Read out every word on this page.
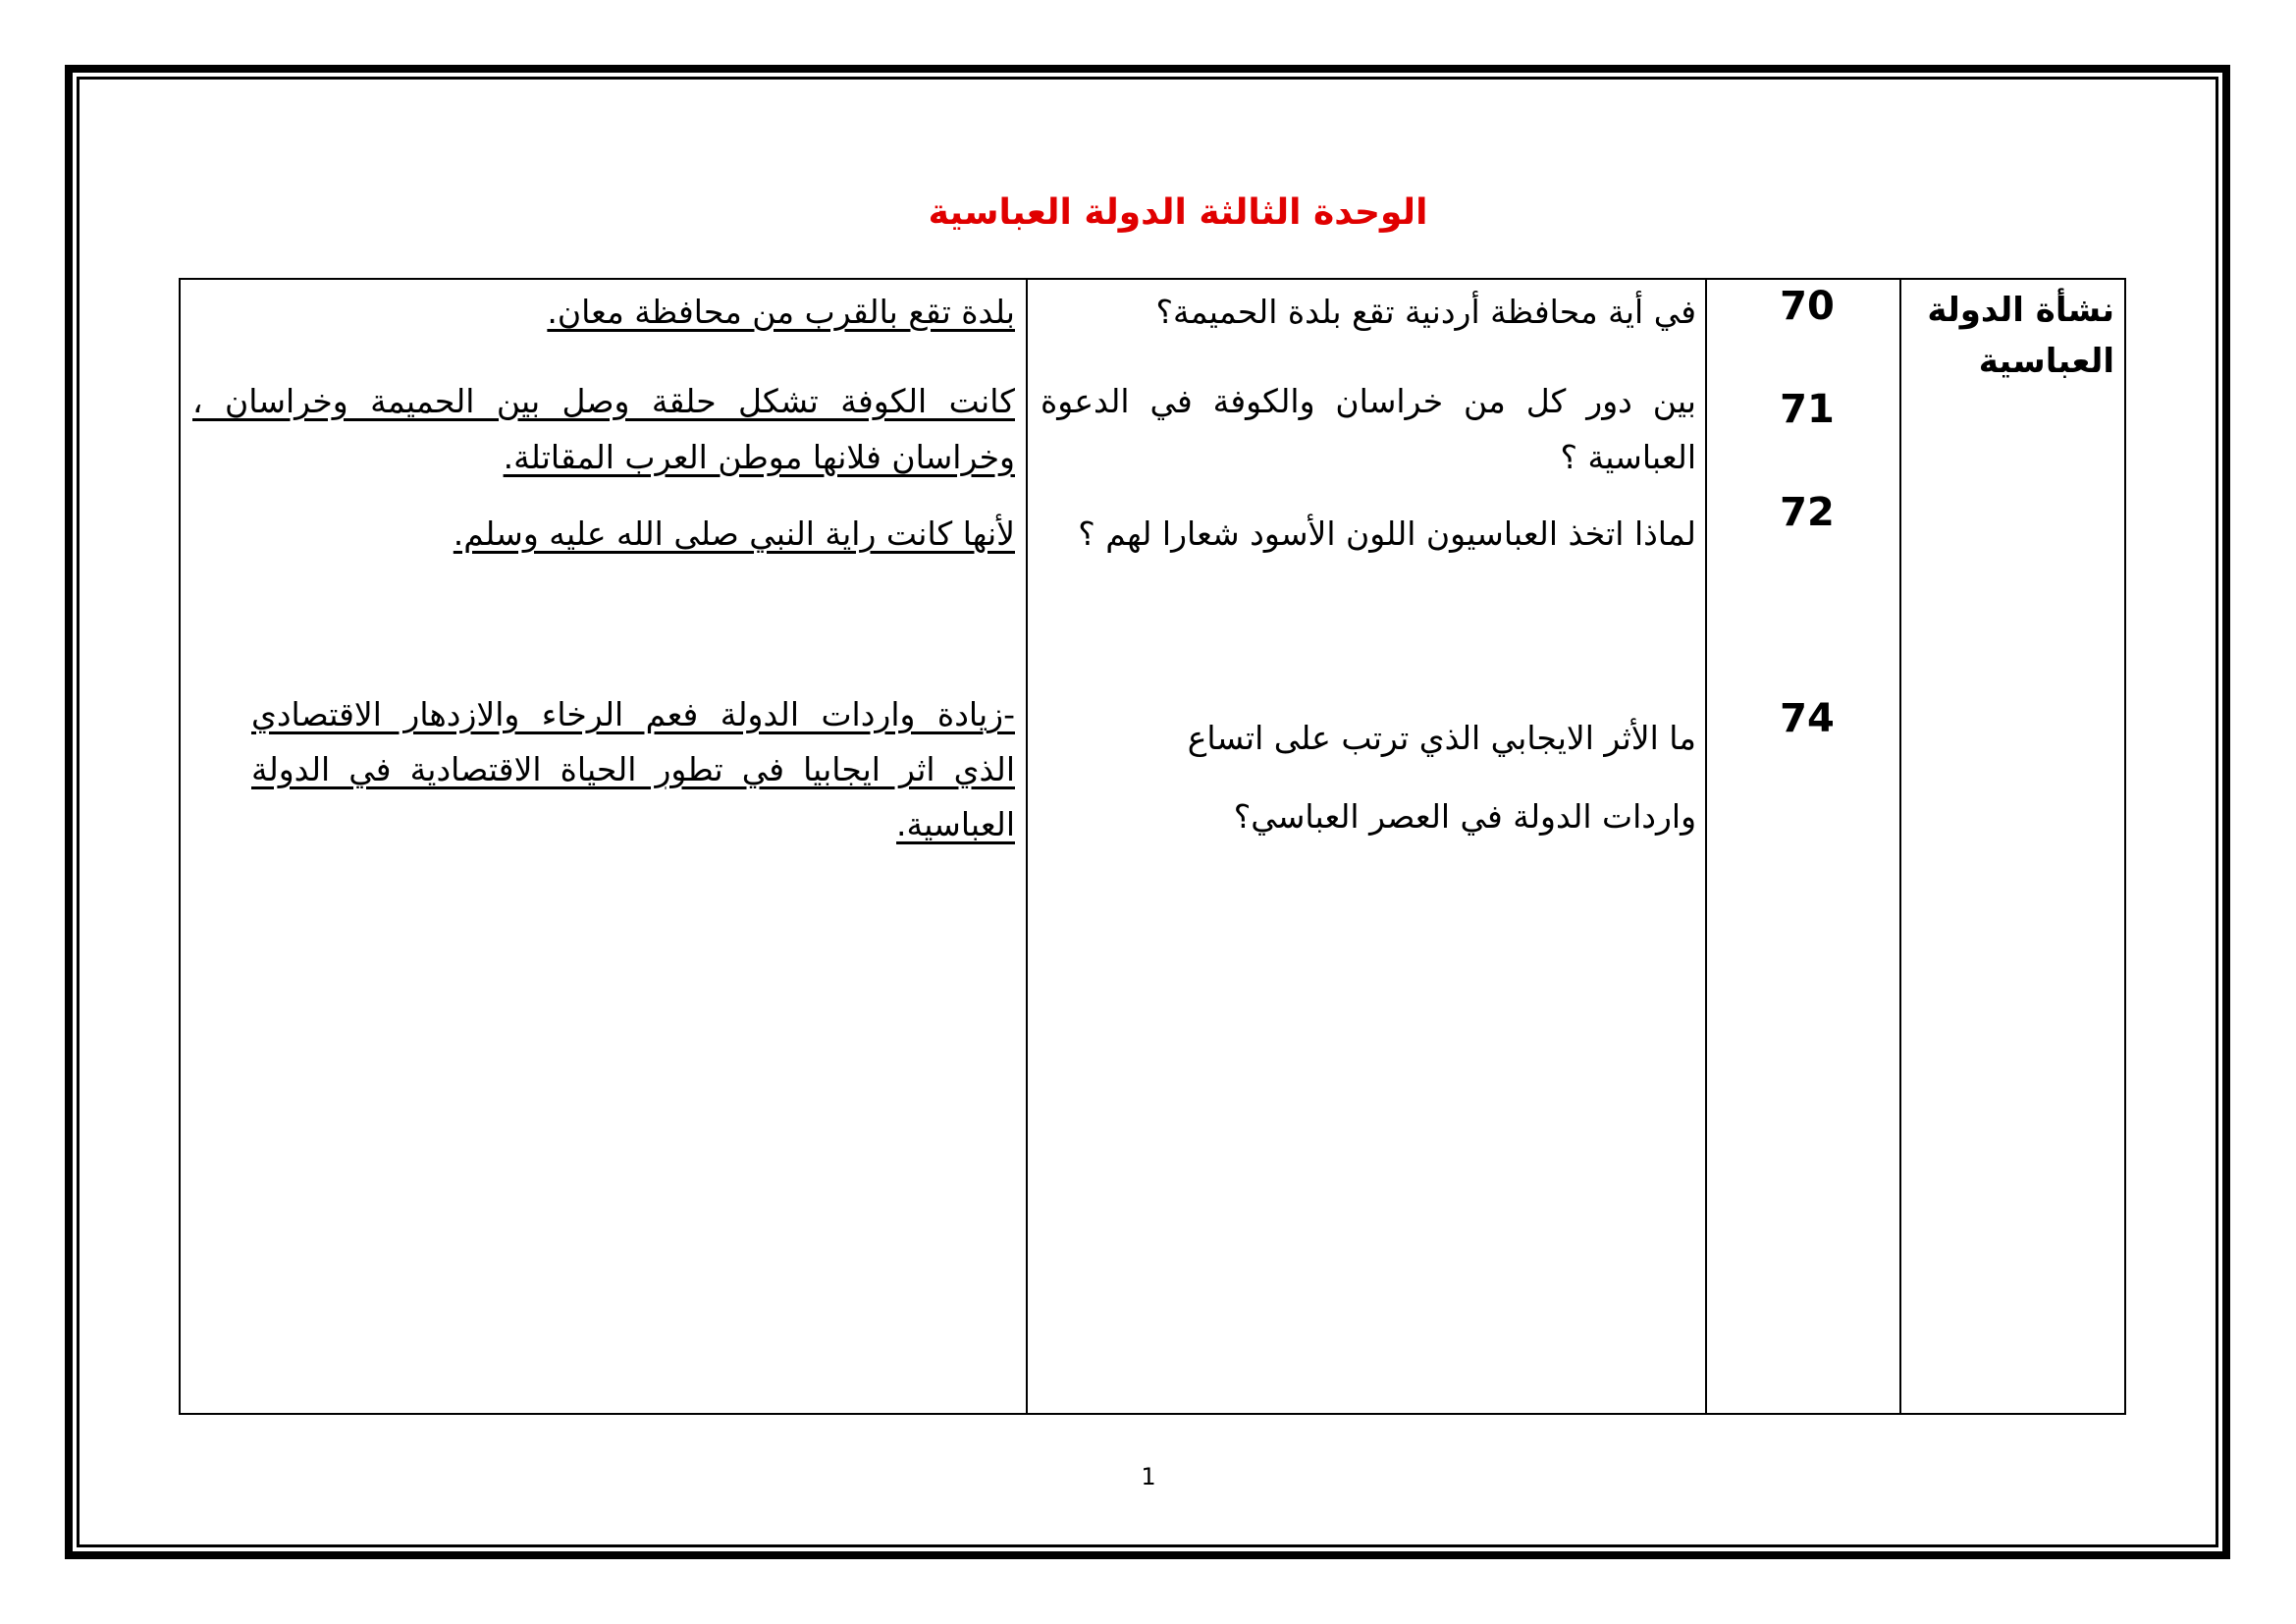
الوحدة الثالثة الدولة العباسية
نشأة الدولة العباسية
70
في أية محافظة أردنية تقع بلدة الحميمة؟
بلدة تقع بالقرب من محافظة معان.
71
بين دور كل من خراسان والكوفة في الدعوة العباسية ؟
كانت الكوفة تشكل حلقة وصل بين الحميمة وخراسان ، وخراسان فلانها موطن العرب المقاتلة.
72
لماذا اتخذ العباسيون اللون الأسود شعارا لهم ؟
لأنها كانت راية النبي صلى الله عليه وسلم.
74
ما الأثر الايجابي الذي ترتب على اتساع واردات الدولة في العصر العباسي؟
-زيادة واردات الدولة فعم الرخاء والازدهار الاقتصادي الذي اثر ايجابيا في تطور الحياة الاقتصادية في الدولة العباسية.
1
